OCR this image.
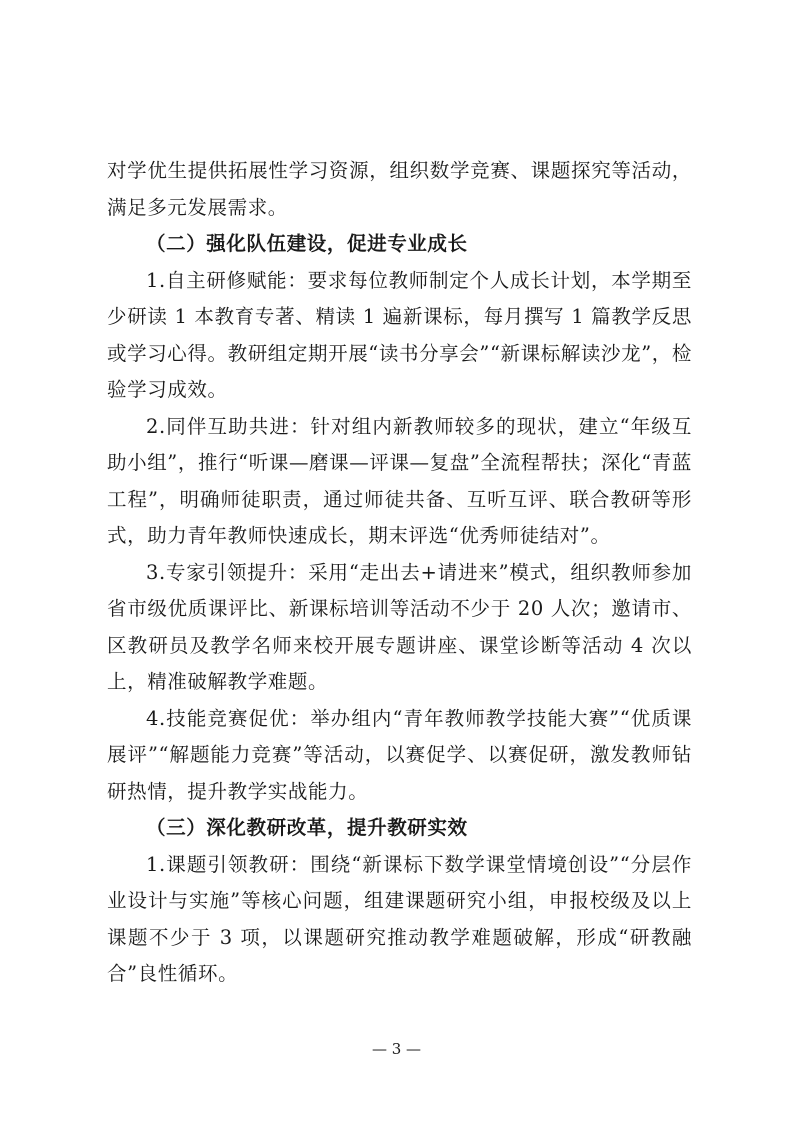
对学优生提供拓展性学习资源，组织数学竞赛、课题探究等活动，满足多元发展需求。

（二）强化队伍建设，促进专业成长

1.自主研修赋能：要求每位教师制定个人成长计划，本学期至少研读 1 本教育专著、精读 1 遍新课标，每月撰写 1 篇教学反思或学习心得。教研组定期开展“读书分享会”“新课标解读沙龙”，检验学习成效。

2.同伴互助共进：针对组内新教师较多的现状，建立“年级互助小组”，推行“听课—磨课—评课—复盘”全流程帮扶；深化“青蓝工程”，明确师徒职责，通过师徒共备、互听互评、联合教研等形式，助力青年教师快速成长，期末评选“优秀师徒结对”。

3.专家引领提升：采用“走出去+请进来”模式，组织教师参加省市级优质课评比、新课标培训等活动不少于 20 人次；邀请市、区教研员及教学名师来校开展专题讲座、课堂诊断等活动 4 次以上，精准破解教学难题。

4.技能竞赛促优：举办组内“青年教师教学技能大赛”“优质课展评”“解题能力竞赛”等活动，以赛促学、以赛促研，激发教师钻研热情，提升教学实战能力。

（三）深化教研改革，提升教研实效

1.课题引领教研：围绕“新课标下数学课堂情境创设”“分层作业设计与实施”等核心问题，组建课题研究小组，申报校级及以上课题不少于 3 项，以课题研究推动教学难题破解，形成“研教融合”良性循环。

— 3 —
